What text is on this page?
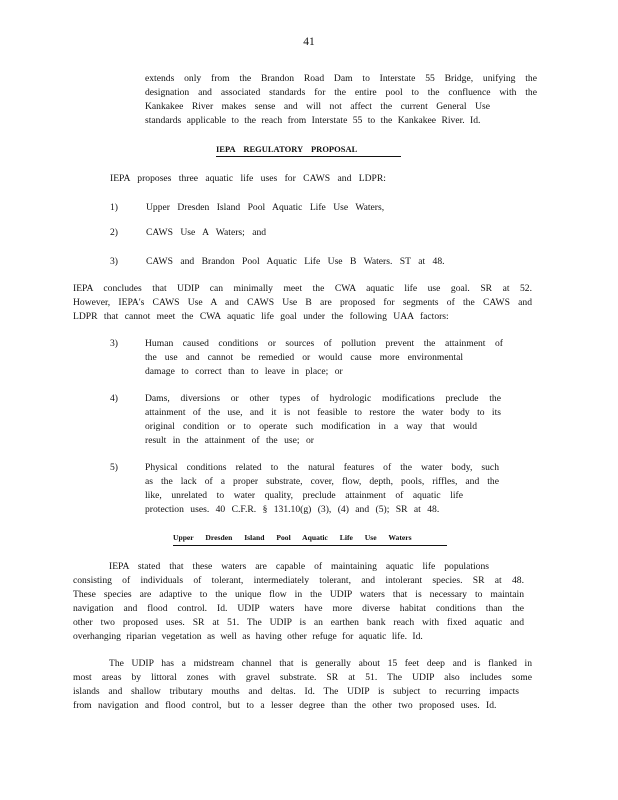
41
extends only from the Brandon Road Dam to Interstate 55 Bridge, unifying the
designation and associated standards for the entire pool to the confluence with the
Kankakee River makes sense and will not affect the current General Use
standards applicable to the reach from Interstate 55 to the Kankakee River. Id.
IEPA REGULATORY PROPOSAL
IEPA proposes three aquatic life uses for CAWS and LDPR:
1)	Upper Dresden Island Pool Aquatic Life Use Waters,
2)	CAWS Use A Waters; and
3)	CAWS and Brandon Pool Aquatic Life Use B Waters. ST at 48.
IEPA concludes that UDIP can minimally meet the CWA aquatic life use goal. SR at 52.
However, IEPA's CAWS Use A and CAWS Use B are proposed for segments of the CAWS and
LDPR that cannot meet the CWA aquatic life goal under the following UAA factors:
3)	Human caused conditions or sources of pollution prevent the attainment of
the use and cannot be remedied or would cause more environmental
damage to correct than to leave in place; or
4)	Dams, diversions or other types of hydrologic modifications preclude the
attainment of the use, and it is not feasible to restore the water body to its
original condition or to operate such modification in a way that would
result in the attainment of the use; or
5)	Physical conditions related to the natural features of the water body, such
as the lack of a proper substrate, cover, flow, depth, pools, riffles, and the
like, unrelated to water quality, preclude attainment of aquatic life
protection uses. 40 C.F.R. § 131.10(g) (3), (4) and (5); SR at 48.
Upper Dresden Island Pool Aquatic Life Use Waters
IEPA stated that these waters are capable of maintaining aquatic life populations
consisting of individuals of tolerant, intermediately tolerant, and intolerant species. SR at 48.
These species are adaptive to the unique flow in the UDIP waters that is necessary to maintain
navigation and flood control. Id. UDIP waters have more diverse habitat conditions than the
other two proposed uses. SR at 51. The UDIP is an earthen bank reach with fixed aquatic and
overhanging riparian vegetation as well as having other refuge for aquatic life. Id.
The UDIP has a midstream channel that is generally about 15 feet deep and is flanked in
most areas by littoral zones with gravel substrate. SR at 51. The UDIP also includes some
islands and shallow tributary mouths and deltas. Id. The UDIP is subject to recurring impacts
from navigation and flood control, but to a lesser degree than the other two proposed uses. Id.
